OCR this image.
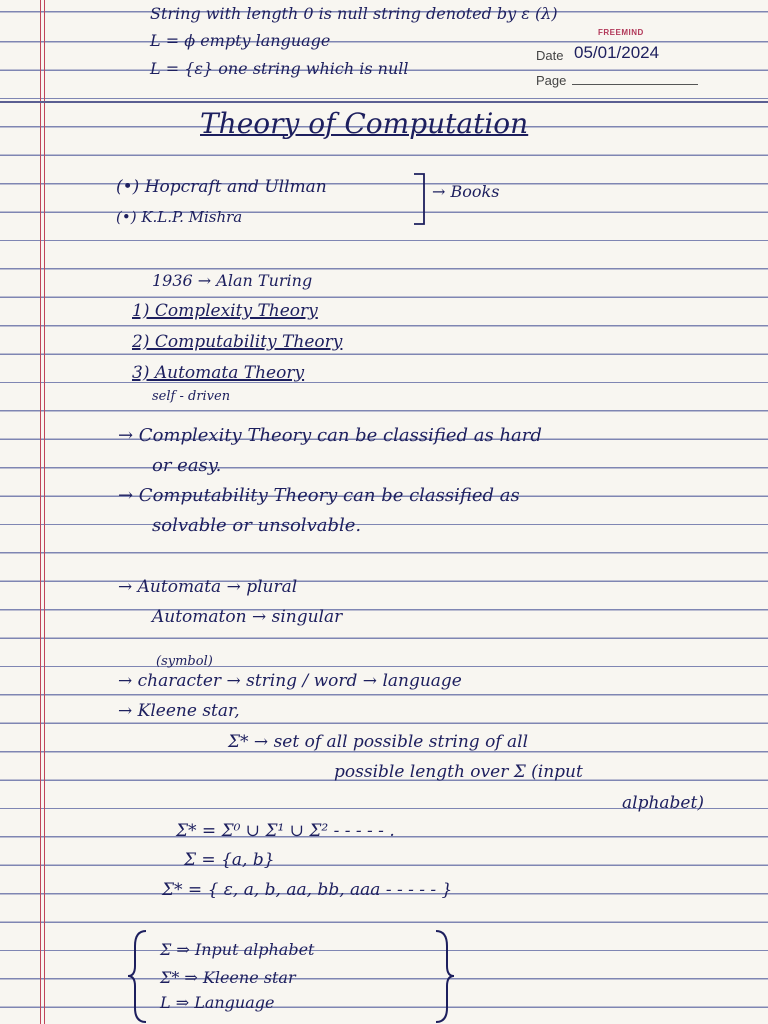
String with length 0 is null string denoted by ε (λ)
L = ϕ empty language
L = {ε} one string which is null
FREEMIND
Date 05/01/2024
Page
Theory of Computation
(•) Hopcraft and Ullman
(•) K.L.P. Mishra
→ Books
1936 → Alan Turing
1) Complexity Theory
2) Computability Theory
3) Automata Theory
self - driven
→ Complexity Theory can be classified as hard
or easy.
→ Computability Theory can be classified as
solvable or unsolvable.
→ Automata → plural
Automaton → singular
(symbol)
→ character → string / word → language
→ Kleene star,
Σ* → set of all possible string of all
possible length over Σ (input
alphabet)
Σ* = Σ⁰ ∪ Σ¹ ∪ Σ² - - - - - .
Σ = {a, b}
Σ* = { ε, a, b, aa, bb, aaa - - - - - }
Σ ⇒ Input alphabet
Σ* ⇒ Kleene star
L ⇒ Language
